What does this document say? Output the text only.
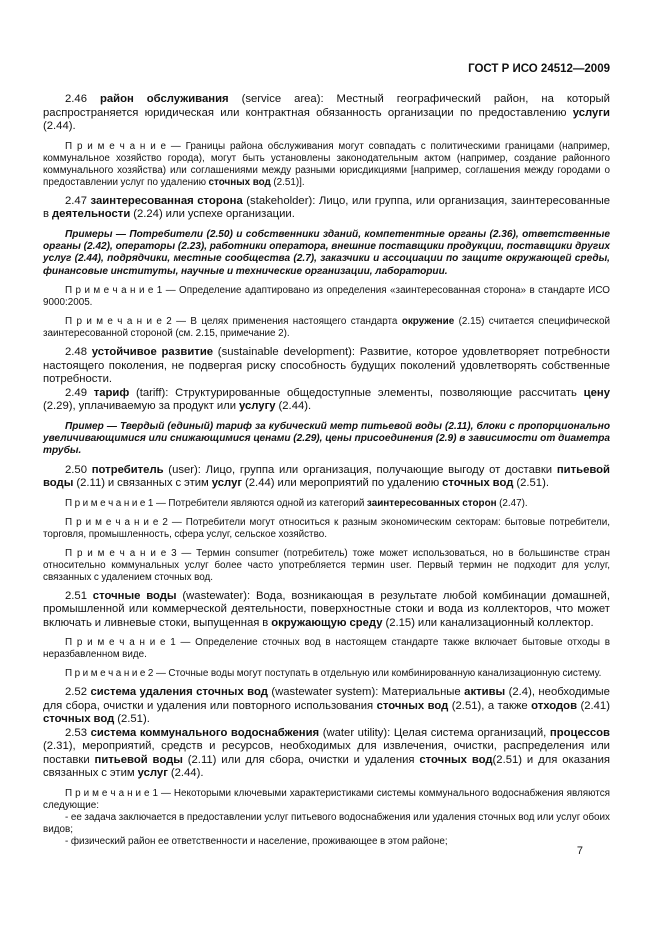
ГОСТ Р ИСО 24512—2009

2.46 район обслуживания (service area): Местный географический район, на который распространяется юридическая или контрактная обязанность организации по предоставлению услуги (2.44).

П р и м е ч а н и е — Границы района обслуживания могут совпадать с политическими границами (например, коммунальное хозяйство города), могут быть установлены законодательным актом (например, создание районного коммунального хозяйства) или соглашениями между разными юрисдикциями [например, соглашения между городами о предоставлении услуг по удалению сточных вод (2.51)].

2.47 заинтересованная сторона (stakeholder): Лицо, или группа, или организация, заинтересованные в деятельности (2.24) или успехе организации.

Примеры — Потребители (2.50) и собственники зданий, компетентные органы (2.36), ответственные органы (2.42), операторы (2.23), работники оператора, внешние поставщики продукции, поставщики других услуг (2.44), подрядчики, местные сообщества (2.7), заказчики и ассоциации по защите окружающей среды, финансовые институты, научные и технические организации, лаборатории.

П р и м е ч а н и е 1 — Определение адаптировано из определения «заинтересованная сторона» в стандарте ИСО 9000:2005.

П р и м е ч а н и е 2 — В целях применения настоящего стандарта окружение (2.15) считается специфической заинтересованной стороной (см. 2.15, примечание 2).

2.48 устойчивое развитие (sustainable development): Развитие, которое удовлетворяет потребности настоящего поколения, не подвергая риску способность будущих поколений удовлетворять собственные потребности.

2.49 тариф (tariff): Структурированные общедоступные элементы, позволяющие рассчитать цену (2.29), уплачиваемую за продукт или услугу (2.44).

Пример — Твердый (единый) тариф за кубический метр питьевой воды (2.11), блоки с пропорционально увеличивающимися или снижающимися ценами (2.29), цены присоединения (2.9) в зависимости от диаметра трубы.

2.50 потребитель (user): Лицо, группа или организация, получающие выгоду от доставки питьевой воды (2.11) и связанных с этим услуг (2.44) или мероприятий по удалению сточных вод (2.51).

П р и м е ч а н и е 1 — Потребители являются одной из категорий заинтересованных сторон (2.47).

П р и м е ч а н и е 2 — Потребители могут относиться к разным экономическим секторам: бытовые потребители, торговля, промышленность, сфера услуг, сельское хозяйство.

П р и м е ч а н и е 3 — Термин consumer (потребитель) тоже может использоваться, но в большинстве стран относительно коммунальных услуг более часто употребляется термин user. Первый термин не подходит для услуг, связанных с удалением сточных вод.

2.51 сточные воды (wastewater): Вода, возникающая в результате любой комбинации домашней, промышленной или коммерческой деятельности, поверхностные стоки и вода из коллекторов, что может включать и ливневые стоки, выпущенная в окружающую среду (2.15) или канализационный коллектор.

П р и м е ч а н и е 1 — Определение сточных вод в настоящем стандарте также включает бытовые отходы в неразбавленном виде.

П р и м е ч а н и е 2 — Сточные воды могут поступать в отдельную или комбинированную канализационную систему.

2.52 система удаления сточных вод (wastewater system): Материальные активы (2.4), необходимые для сбора, очистки и удаления или повторного использования сточных вод (2.51), а также отходов (2.41) сточных вод (2.51).

2.53 система коммунального водоснабжения (water utility): Целая система организаций, процессов (2.31), мероприятий, средств и ресурсов, необходимых для извлечения, очистки, распределения или поставки питьевой воды (2.11) или для сбора, очистки и удаления сточных вод(2.51) и для оказания связанных с этим услуг (2.44).

П р и м е ч а н и е 1 — Некоторыми ключевыми характеристиками системы коммунального водоснабжения являются следующие:

- ее задача заключается в предоставлении услуг питьевого водоснабжения или удаления сточных вод или услуг обоих видов;

- физический район ее ответственности и население, проживающее в этом районе;

7
